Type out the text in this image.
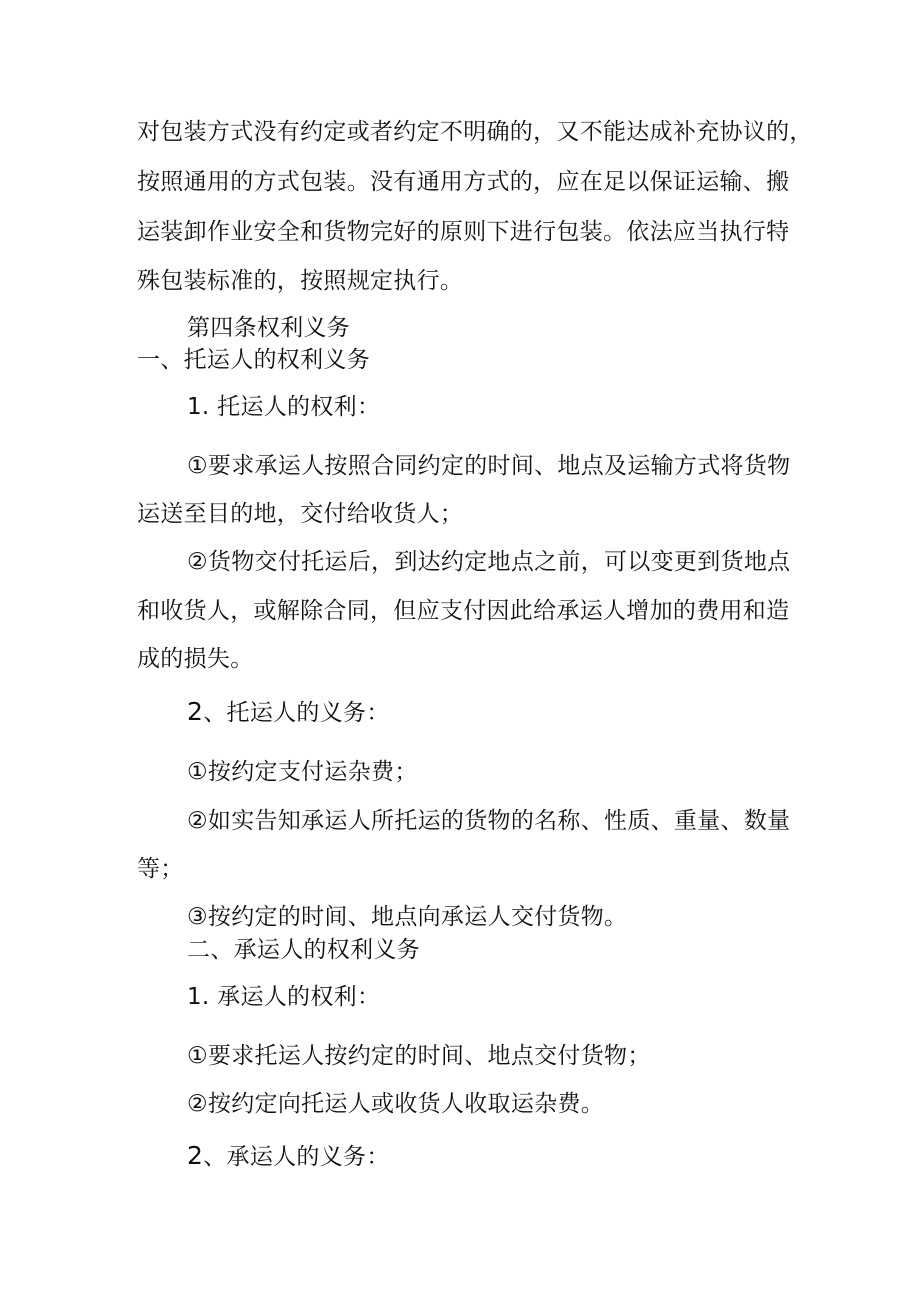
对包装方式没有约定或者约定不明确的，又不能达成补充协议的，
按照通用的方式包装。没有通用方式的，应在足以保证运输、搬
运装卸作业安全和货物完好的原则下进行包装。依法应当执行特
殊包装标准的，按照规定执行。
第四条权利义务
一、托运人的权利义务
1. 托运人的权利：
①要求承运人按照合同约定的时间、地点及运输方式将货物
运送至目的地，交付给收货人；
②货物交付托运后，到达约定地点之前，可以变更到货地点
和收货人，或解除合同，但应支付因此给承运人增加的费用和造
成的损失。
2、托运人的义务：
①按约定支付运杂费；
②如实告知承运人所托运的货物的名称、性质、重量、数量
等；
③按约定的时间、地点向承运人交付货物。
二、承运人的权利义务
1. 承运人的权利：
①要求托运人按约定的时间、地点交付货物；
②按约定向托运人或收货人收取运杂费。
2、承运人的义务：
